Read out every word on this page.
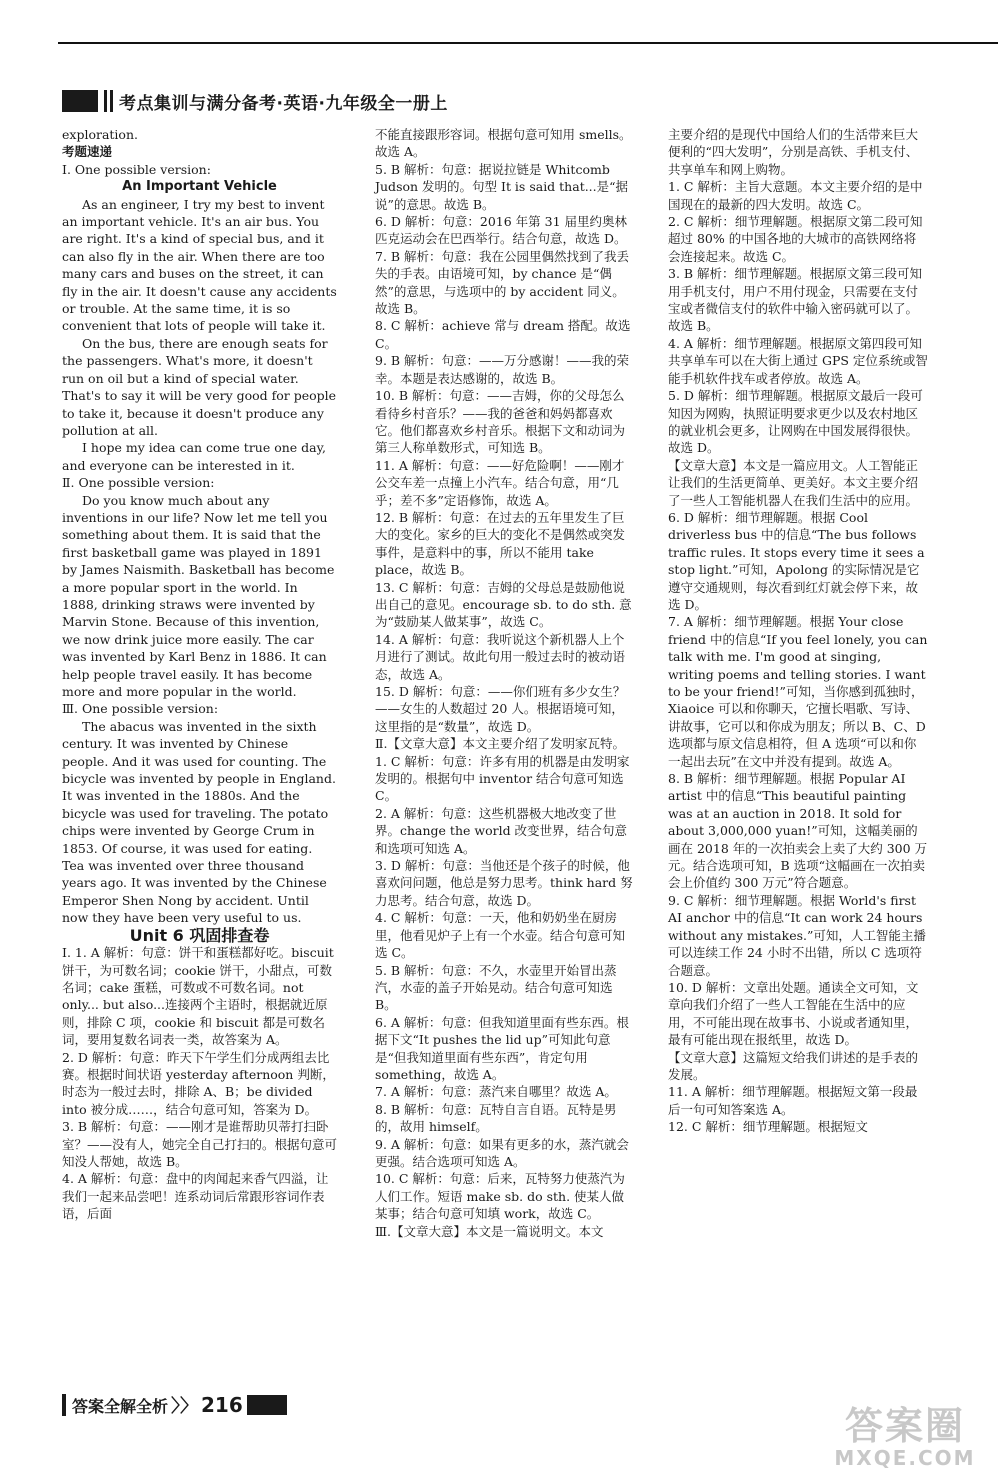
考点集训与满分备考·英语·九年级全一册上

exploration.

考题速递

Ⅰ. One possible version:

An Important Vehicle

As an engineer, I try my best to invent an important vehicle. It's an air bus. You are right. It's a kind of special bus, and it can also fly in the air. When there are too many cars and buses on the street, it can fly in the air. It doesn't cause any accidents or trouble. At the same time, it is so convenient that lots of people will take it.

On the bus, there are enough seats for the passengers. What's more, it doesn't run on oil but a kind of special water. That's to say it will be very good for people to take it, because it doesn't produce any pollution at all.

I hope my idea can come true one day, and everyone can be interested in it.

Ⅱ. One possible version:

Do you know much about any inventions in our life? Now let me tell you something about them. It is said that the first basketball game was played in 1891 by James Naismith. Basketball has become a more popular sport in the world. In 1888, drinking straws were invented by Marvin Stone. Because of this invention, we now drink juice more easily. The car was invented by Karl Benz in 1886. It can help people travel easily. It has become more and more popular in the world.

Ⅲ. One possible version:

The abacus was invented in the sixth century. It was invented by Chinese people. And it was used for counting. The bicycle was invented by people in England. It was invented in the 1880s. And the bicycle was used for traveling. The potato chips were invented by George Crum in 1853. Of course, it was used for eating. Tea was invented over three thousand years ago. It was invented by the Chinese Emperor Shen Nong by accident. Until now they have been very useful to us.

Unit 6 巩固排查卷

Ⅰ. 1. A 解析：句意：饼干和蛋糕都好吃。biscuit 饼干，为可数名词；cookie 饼干，小甜点，可数名词；cake 蛋糕，可数或不可数名词。not only... but also...连接两个主语时，根据就近原则，排除 C 项，cookie 和 biscuit 都是可数名词，要用复数名词表一类，故答案为 A。

2. D 解析：句意：昨天下午学生们分成两组去比赛。根据时间状语 yesterday afternoon 判断，时态为一般过去时，排除 A、B；be divided into 被分成……，结合句意可知，答案为 D。

3. B 解析：句意：——刚才是谁帮助贝蒂打扫卧室？——没有人，她完全自己打扫的。根据句意可知没人帮她，故选 B。

4. A 解析：句意：盘中的肉闻起来香气四溢，让我们一起来品尝吧！连系动词后常跟形容词作表语，后面

不能直接跟形容词。根据句意可知用 smells。故选 A。

5. B 解析：句意：据说拉链是 Whitcomb Judson 发明的。句型 It is said that...是“据说”的意思。故选 B。

6. D 解析：句意：2016 年第 31 届里约奥林匹克运动会在巴西举行。结合句意，故选 D。

7. B 解析：句意：我在公园里偶然找到了我丢失的手表。由语境可知，by chance 是“偶然”的意思，与选项中的 by accident 同义。故选 B。

8. C 解析：achieve 常与 dream 搭配。故选 C。

9. B 解析：句意：——万分感谢！——我的荣幸。本题是表达感谢的，故选 B。

10. B 解析：句意：——吉姆，你的父母怎么看待乡村音乐？——我的爸爸和妈妈都喜欢它。他们都喜欢乡村音乐。根据下文和动词为第三人称单数形式，可知选 B。

11. A 解析：句意：——好危险啊！——刚才公交车差一点撞上小汽车。结合句意，用“几乎；差不多”定语修饰，故选 A。

12. B 解析：句意：在过去的五年里发生了巨大的变化。家乡的巨大的变化不是偶然或突发事件，是意料中的事，所以不能用 take place，故选 B。

13. C 解析：句意：吉姆的父母总是鼓励他说出自己的意见。encourage sb. to do sth. 意为“鼓励某人做某事”，故选 C。

14. A 解析：句意：我听说这个新机器人上个月进行了测试。故此句用一般过去时的被动语态，故选 A。

15. D 解析：句意：——你们班有多少女生？——女生的人数超过 20 人。根据语境可知，这里指的是“数量”，故选 D。

Ⅱ.【文章大意】本文主要介绍了发明家瓦特。

1. C 解析：句意：许多有用的机器是由发明家发明的。根据句中 inventor 结合句意可知选 C。

2. A 解析：句意：这些机器极大地改变了世界。change the world 改变世界，结合句意和选项可知选 A。

3. D 解析：句意：当他还是个孩子的时候，他喜欢问问题，他总是努力思考。think hard 努力思考。结合句意，故选 D。

4. C 解析：句意：一天，他和奶奶坐在厨房里，他看见炉子上有一个水壶。结合句意可知选 C。

5. B 解析：句意：不久，水壶里开始冒出蒸汽，水壶的盖子开始晃动。结合句意可知选 B。

6. A 解析：句意：但我知道里面有些东西。根据下文“It pushes the lid up”可知此句意是“但我知道里面有些东西”，肯定句用 something，故选 A。

7. A 解析：句意：蒸汽来自哪里？故选 A。

8. B 解析：句意：瓦特自言自语。瓦特是男的，故用 himself。

9. A 解析：句意：如果有更多的水，蒸汽就会更强。结合选项可知选 A。

10. C 解析：句意：后来，瓦特努力使蒸汽为人们工作。短语 make sb. do sth. 使某人做某事；结合句意可知填 work，故选 C。

Ⅲ.【文章大意】本文是一篇说明文。本文

主要介绍的是现代中国给人们的生活带来巨大便利的“四大发明”，分别是高铁、手机支付、共享单车和网上购物。

1. C 解析：主旨大意题。本文主要介绍的是中国现在的最新的四大发明。故选 C。

2. C 解析：细节理解题。根据原文第二段可知超过 80% 的中国各地的大城市的高铁网络将会连接起来。故选 C。

3. B 解析：细节理解题。根据原文第三段可知用手机支付，用户不用付现金，只需要在支付宝或者微信支付的软件中输入密码就可以了。故选 B。

4. A 解析：细节理解题。根据原文第四段可知共享单车可以在大街上通过 GPS 定位系统或智能手机软件找车或者停放。故选 A。

5. D 解析：细节理解题。根据原文最后一段可知因为网购，执照证明要求更少以及农村地区的就业机会更多，让网购在中国发展得很快。故选 D。

【文章大意】本文是一篇应用文。人工智能正让我们的生活更简单、更美好。本文主要介绍了一些人工智能机器人在我们生活中的应用。

6. D 解析：细节理解题。根据 Cool driverless bus 中的信息“The bus follows traffic rules. It stops every time it sees a stop light.”可知，Apolong 的实际情况是它遵守交通规则，每次看到红灯就会停下来，故选 D。

7. A 解析：细节理解题。根据 Your close friend 中的信息“If you feel lonely, you can talk with me. I'm good at singing, writing poems and telling stories. I want to be your friend!”可知，当你感到孤独时，Xiaoice 可以和你聊天，它擅长唱歌、写诗、讲故事，它可以和你成为朋友；所以 B、C、D 选项都与原文信息相符，但 A 选项“可以和你一起出去玩”在文中并没有提到。故选 A。

8. B 解析：细节理解题。根据 Popular AI artist 中的信息“This beautiful painting was at an auction in 2018. It sold for about 3,000,000 yuan!”可知，这幅美丽的画在 2018 年的一次拍卖会上卖了大约 300 万元。结合选项可知，B 选项“这幅画在一次拍卖会上价值约 300 万元”符合题意。

9. C 解析：细节理解题。根据 World's first AI anchor 中的信息“It can work 24 hours without any mistakes.”可知，人工智能主播可以连续工作 24 小时不出错，所以 C 选项符合题意。

10. D 解析：文章出处题。通读全文可知，文章向我们介绍了一些人工智能在生活中的应用，不可能出现在故事书、小说或者通知里，最有可能出现在报纸里，故选 D。

【文章大意】这篇短文给我们讲述的是手表的发展。

11. A 解析：细节理解题。根据短文第一段最后一句可知答案选 A。

12. C 解析：细节理解题。根据短文

答案全解全析 〉〉 216	答案圈
MXQE.COM
